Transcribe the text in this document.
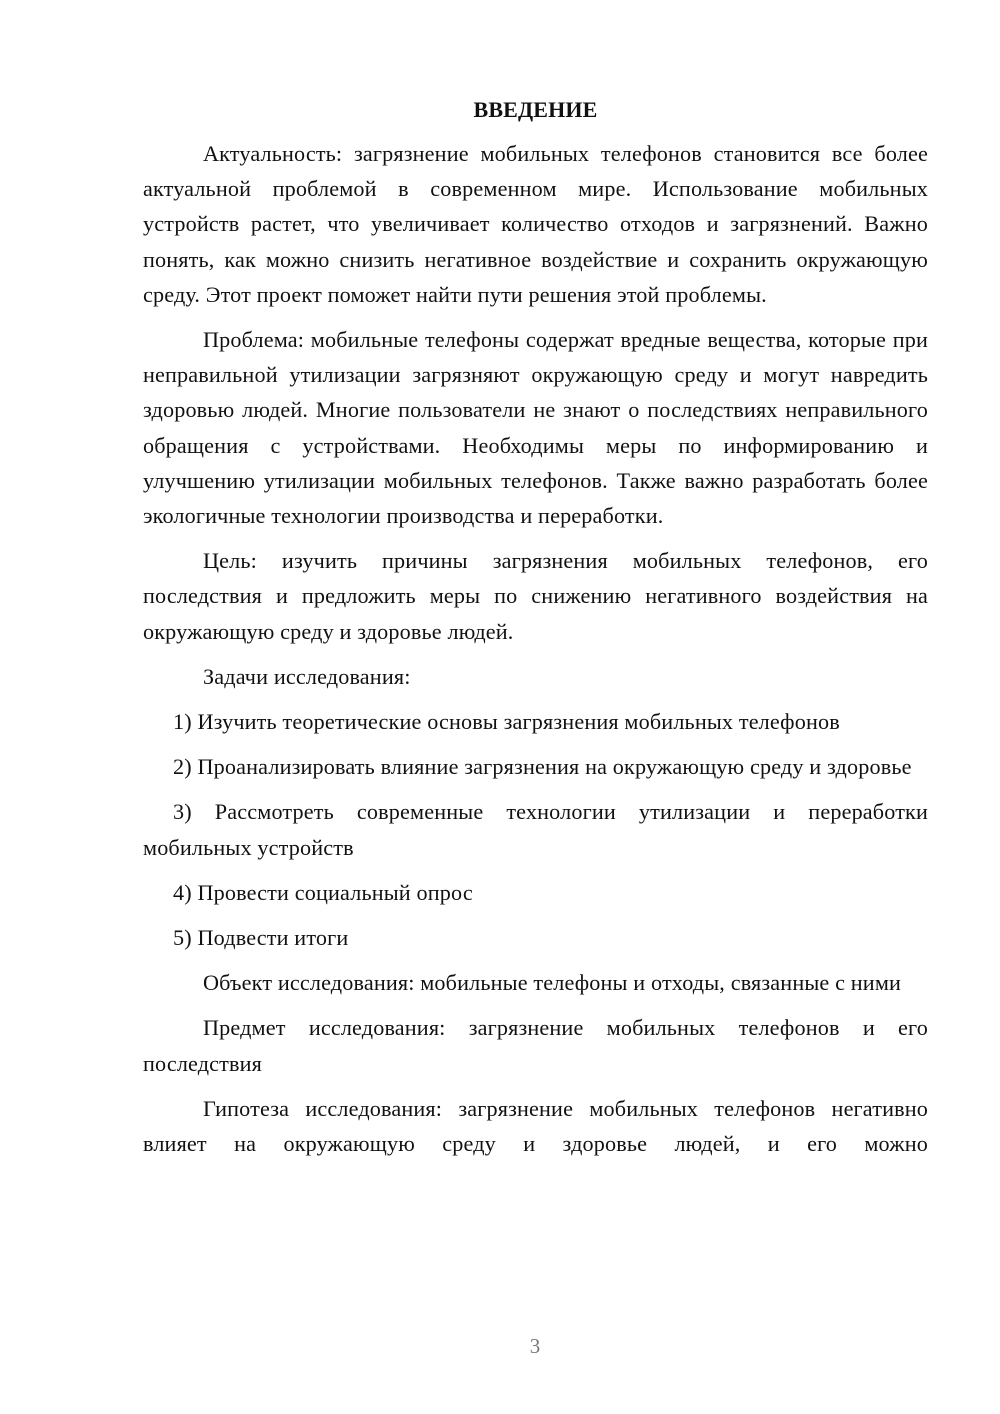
ВВЕДЕНИЕ

Актуальность: загрязнение мобильных телефонов становится все более актуальной проблемой в современном мире. Использование мобильных устройств растет, что увеличивает количество отходов и загрязнений. Важно понять, как можно снизить негативное воздействие и сохранить окружающую среду. Этот проект поможет найти пути решения этой проблемы.

Проблема: мобильные телефоны содержат вредные вещества, которые при неправильной утилизации загрязняют окружающую среду и могут навредить здоровью людей. Многие пользователи не знают о последствиях неправильного обращения с устройствами. Необходимы меры по информированию и улучшению утилизации мобильных телефонов. Также важно разработать более экологичные технологии производства и переработки.

Цель: изучить причины загрязнения мобильных телефонов, его последствия и предложить меры по снижению негативного воздействия на окружающую среду и здоровье людей.

Задачи исследования:

1) Изучить теоретические основы загрязнения мобильных телефонов

2) Проанализировать влияние загрязнения на окружающую среду и здоровье

3) Рассмотреть современные технологии утилизации и переработки мобильных устройств

4) Провести социальный опрос

5) Подвести итоги

Объект исследования: мобильные телефоны и отходы, связанные с ними

Предмет исследования: загрязнение мобильных телефонов и его последствия

Гипотеза исследования: загрязнение мобильных телефонов негативно влияет на окружающую среду и здоровье людей, и его можно

3
